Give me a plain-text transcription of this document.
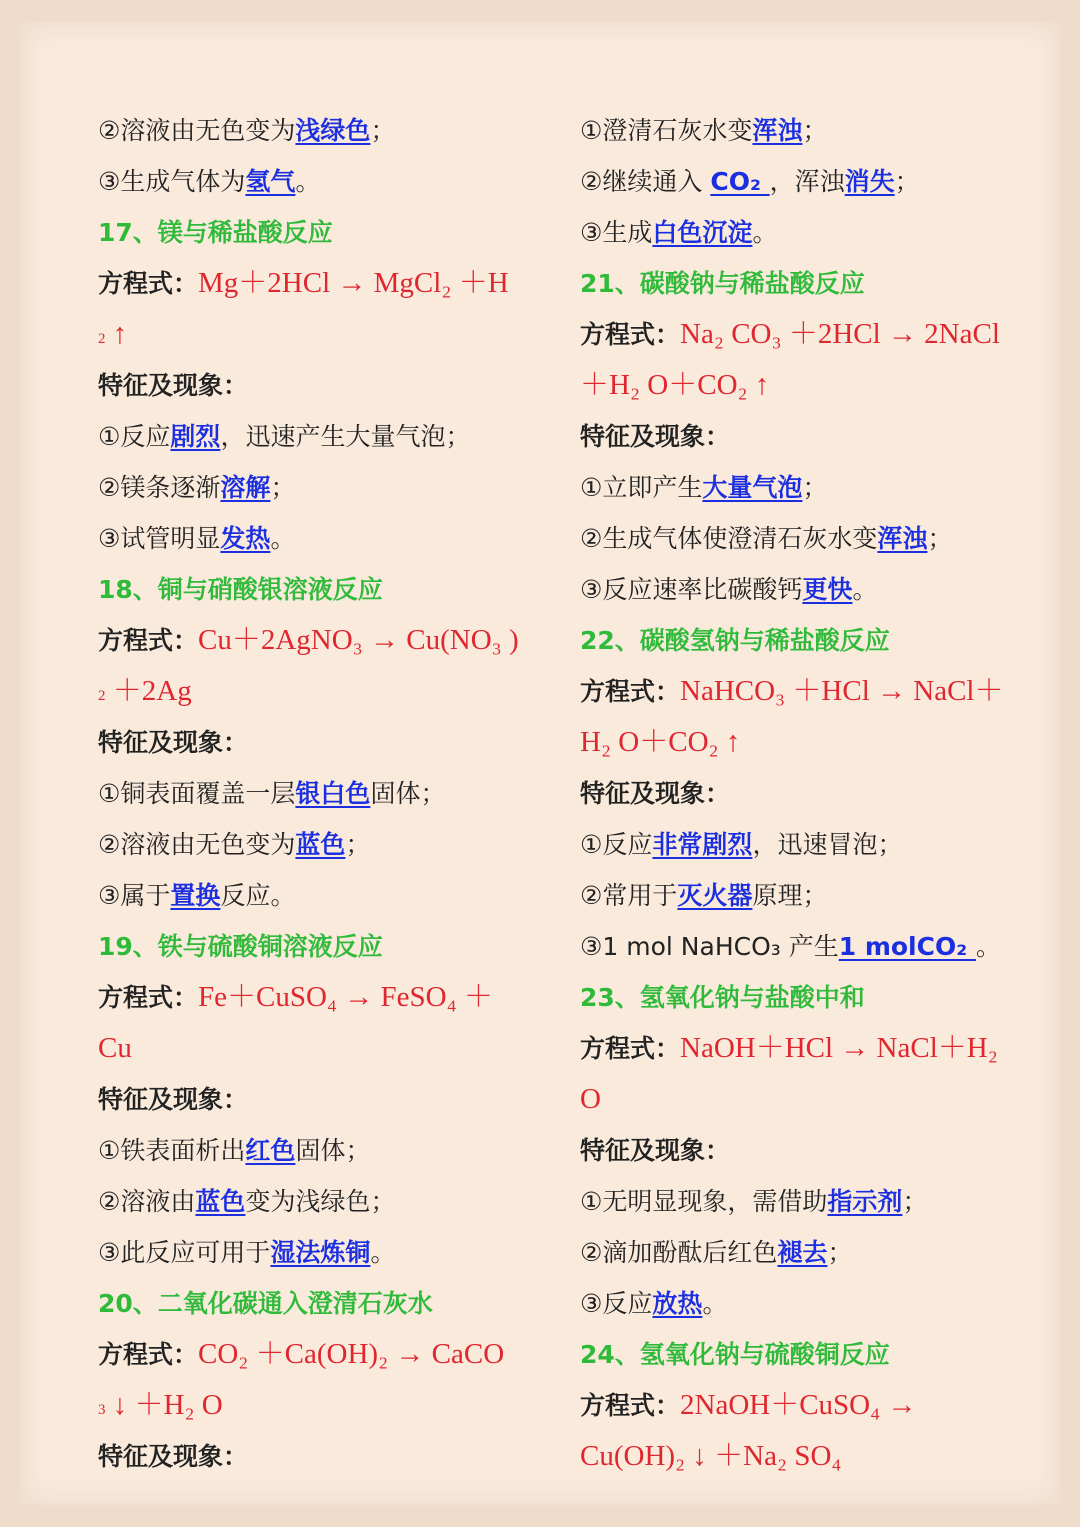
②溶液由无色变为浅绿色；
③生成气体为氢气。
17、镁与稀盐酸反应
方程式：Mg＋2HCl → MgCl₂ ＋H
2 ↑
特征及现象：
①反应剧烈，迅速产生大量气泡；
②镁条逐渐溶解；
③试管明显发热。
18、铜与硝酸银溶液反应
方程式：Cu＋2AgNO₃ → Cu(NO₃ )
2 ＋2Ag
特征及现象：
①铜表面覆盖一层银白色固体；
②溶液由无色变为蓝色；
③属于置换反应。
19、铁与硫酸铜溶液反应
方程式：Fe＋CuSO₄ → FeSO₄ ＋
Cu
特征及现象：
①铁表面析出红色固体；
②溶液由蓝色变为浅绿色；
③此反应可用于湿法炼铜。
20、二氧化碳通入澄清石灰水
方程式：CO₂ ＋Ca(OH)₂ → CaCO
3 ↓ ＋H₂ O
特征及现象：
①澄清石灰水变浑浊；
②继续通入 CO₂ ，浑浊消失；
③生成白色沉淀。
21、碳酸钠与稀盐酸反应
方程式：Na₂ CO₃ ＋2HCl → 2NaCl
＋H₂ O＋CO₂ ↑
特征及现象：
①立即产生大量气泡；
②生成气体使澄清石灰水变浑浊；
③反应速率比碳酸钙更快。
22、碳酸氢钠与稀盐酸反应
方程式：NaHCO₃ ＋HCl → NaCl＋
H₂ O＋CO₂ ↑
特征及现象：
①反应非常剧烈，迅速冒泡；
②常用于灭火器原理；
③1 mol NaHCO₃ 产生1 molCO₂ 。
23、氢氧化钠与盐酸中和
方程式：NaOH＋HCl → NaCl＋H₂
O
特征及现象：
①无明显现象，需借助指示剂；
②滴加酚酞后红色褪去；
③反应放热。
24、氢氧化钠与硫酸铜反应
方程式：2NaOH＋CuSO₄ →
Cu(OH)₂ ↓ ＋Na₂ SO₄
